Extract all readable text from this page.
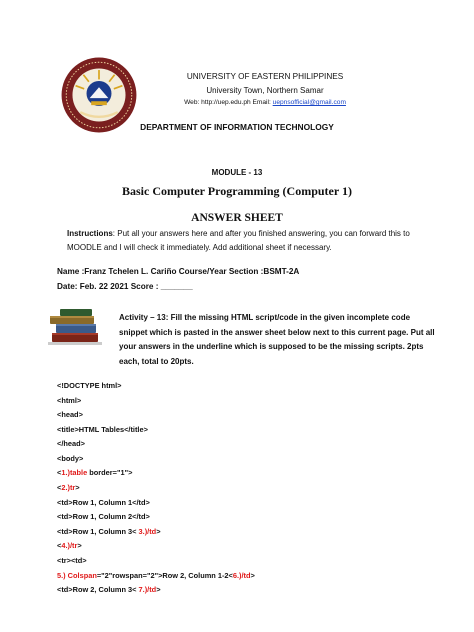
UNIVERSITY OF EASTERN PHILIPPINES
University Town, Northern Samar
Web: http://uep.edu.ph Email: uepnsofficial@gmail.com
DEPARTMENT OF INFORMATION TECHNOLOGY
MODULE - 13
Basic Computer Programming (Computer 1)
ANSWER SHEET
Instructions: Put all your answers here and after you finished answering, you can forward this to MOODLE and I will check it immediately. Add additional sheet if necessary.
Name :Franz Tchelen L. Cariño Course/Year Section :BSMT-2A
Date: Feb. 22 2021 Score : _______
Activity – 13: Fill the missing HTML script/code in the given incomplete code snippet which is pasted in the answer sheet below next to this current page. Put all your answers in the underline which is supposed to be the missing scripts. 2pts each, total to 20pts.
<!DOCTYPE html>
<html>
<head>
<title>HTML Tables</title>
</head>
<body>
<1.)table border="1">
<2.)tr>
<td>Row 1, Column 1</td>
<td>Row 1, Column 2</td>
<td>Row 1, Column 3< 3.)/td>
<4.)/tr>
<tr><td>
5.) Colspan="2"rowspan="2">Row 2, Column 1-2<6.)/td>
<td>Row 2, Column 3< 7.)/td>
